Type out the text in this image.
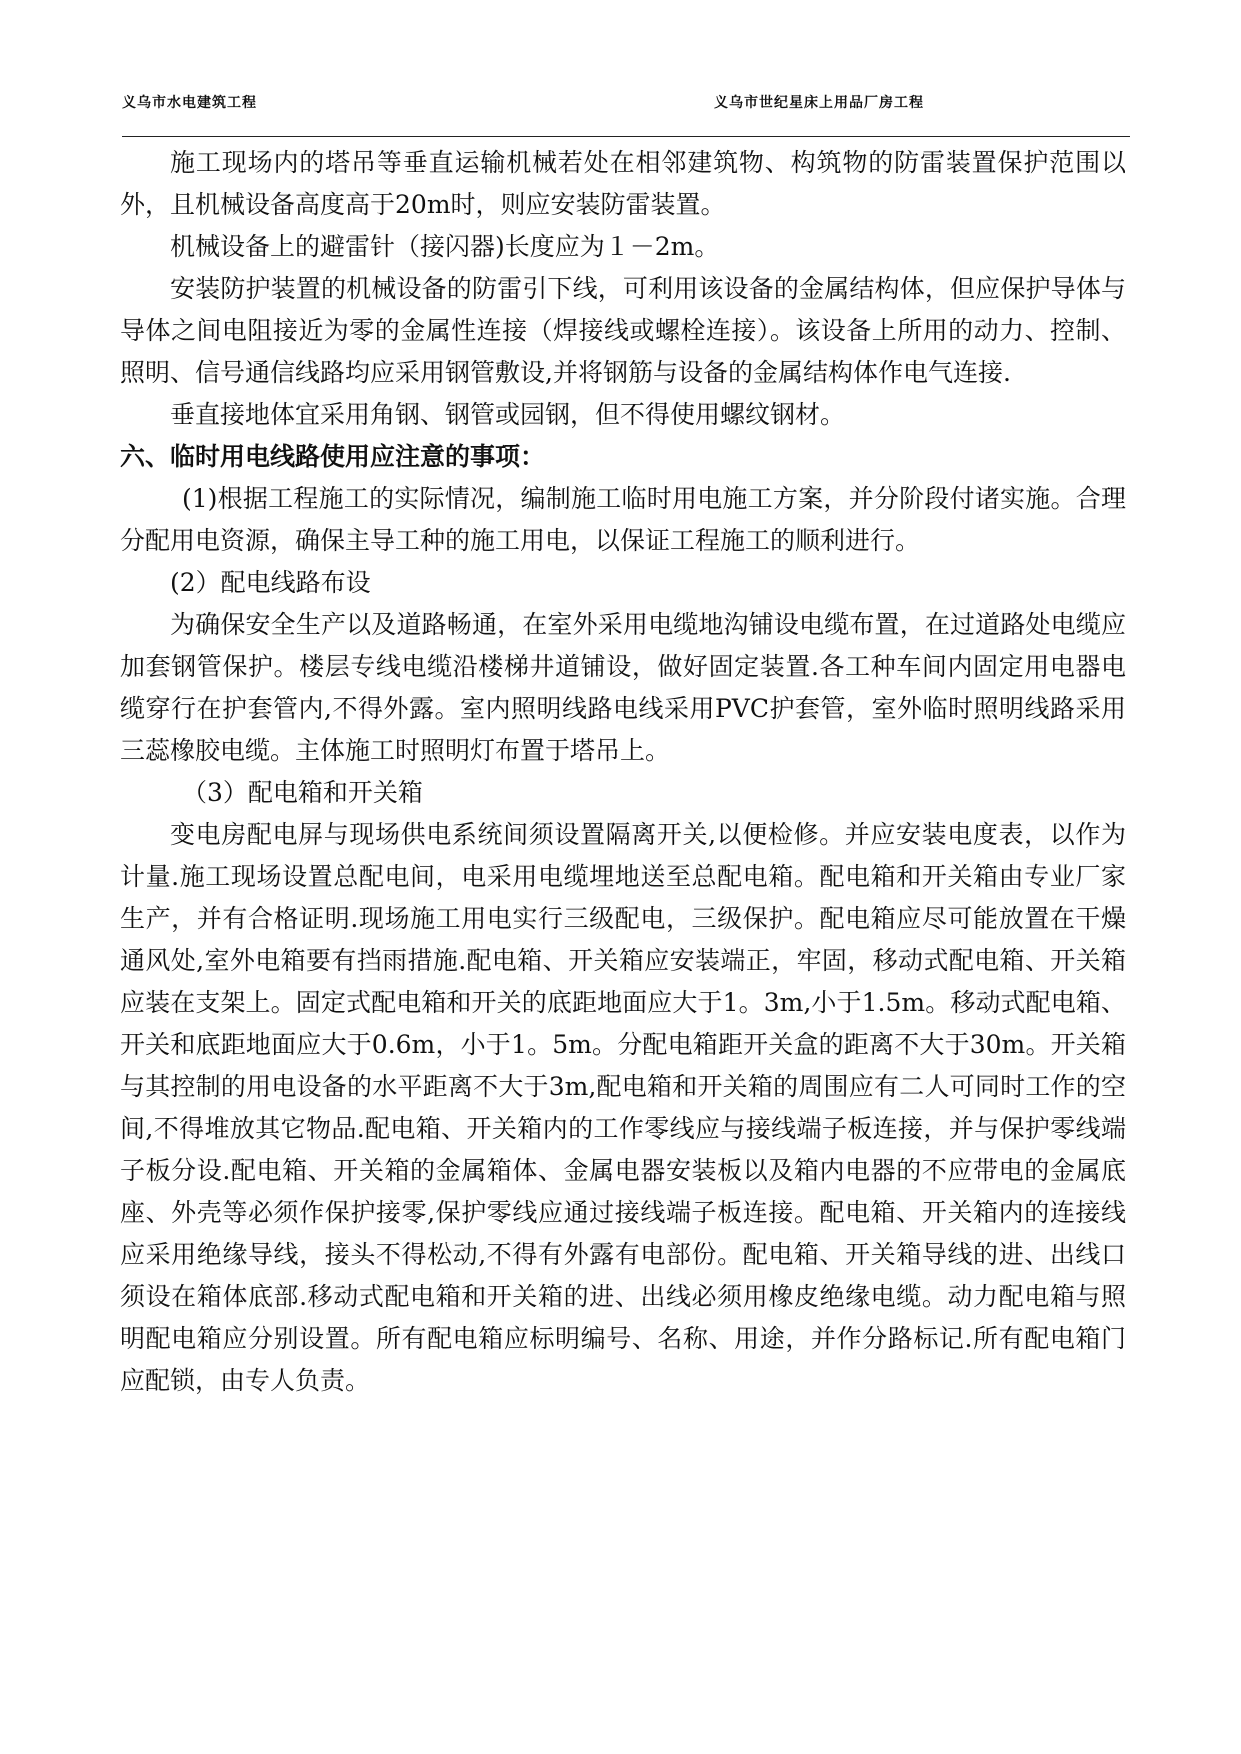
义乌市水电建筑工程	义乌市世纪星床上用品厂房工程

施工现场内的塔吊等垂直运输机械若处在相邻建筑物、构筑物的防雷装置保护范围以外，且机械设备高度高于20m时，则应安装防雷装置。

机械设备上的避雷针（接闪器)长度应为１－2m。

安装防护装置的机械设备的防雷引下线，可利用该设备的金属结构体，但应保护导体与导体之间电阻接近为零的金属性连接（焊接线或螺栓连接）。该设备上所用的动力、控制、照明、信号通信线路均应采用钢管敷设,并将钢筋与设备的金属结构体作电气连接.

垂直接地体宜采用角钢、钢管或园钢，但不得使用螺纹钢材。

六、临时用电线路使用应注意的事项：

(1)根据工程施工的实际情况，编制施工临时用电施工方案，并分阶段付诸实施。合理分配用电资源，确保主导工种的施工用电，以保证工程施工的顺利进行。

(2）配电线路布设

为确保安全生产以及道路畅通，在室外采用电缆地沟铺设电缆布置，在过道路处电缆应加套钢管保护。楼层专线电缆沿楼梯井道铺设，做好固定装置.各工种车间内固定用电器电缆穿行在护套管内,不得外露。室内照明线路电线采用PVC护套管，室外临时照明线路采用三蕊橡胶电缆。主体施工时照明灯布置于塔吊上。

（3）配电箱和开关箱

变电房配电屏与现场供电系统间须设置隔离开关,以便检修。并应安装电度表，以作为计量.施工现场设置总配电间，电采用电缆埋地送至总配电箱。配电箱和开关箱由专业厂家生产，并有合格证明.现场施工用电实行三级配电，三级保护。配电箱应尽可能放置在干燥通风处,室外电箱要有挡雨措施.配电箱、开关箱应安装端正，牢固，移动式配电箱、开关箱应装在支架上。固定式配电箱和开关的底距地面应大于1。3m,小于1.5m。移动式配电箱、开关和底距地面应大于0.6m，小于1。5m。分配电箱距开关盒的距离不大于30m。开关箱与其控制的用电设备的水平距离不大于3m,配电箱和开关箱的周围应有二人可同时工作的空间,不得堆放其它物品.配电箱、开关箱内的工作零线应与接线端子板连接，并与保护零线端子板分设.配电箱、开关箱的金属箱体、金属电器安装板以及箱内电器的不应带电的金属底座、外壳等必须作保护接零,保护零线应通过接线端子板连接。配电箱、开关箱内的连接线应采用绝缘导线，接头不得松动,不得有外露有电部份。配电箱、开关箱导线的进、出线口须设在箱体底部.移动式配电箱和开关箱的进、出线必须用橡皮绝缘电缆。动力配电箱与照明配电箱应分别设置。所有配电箱应标明编号、名称、用途，并作分路标记.所有配电箱门应配锁，由专人负责。
